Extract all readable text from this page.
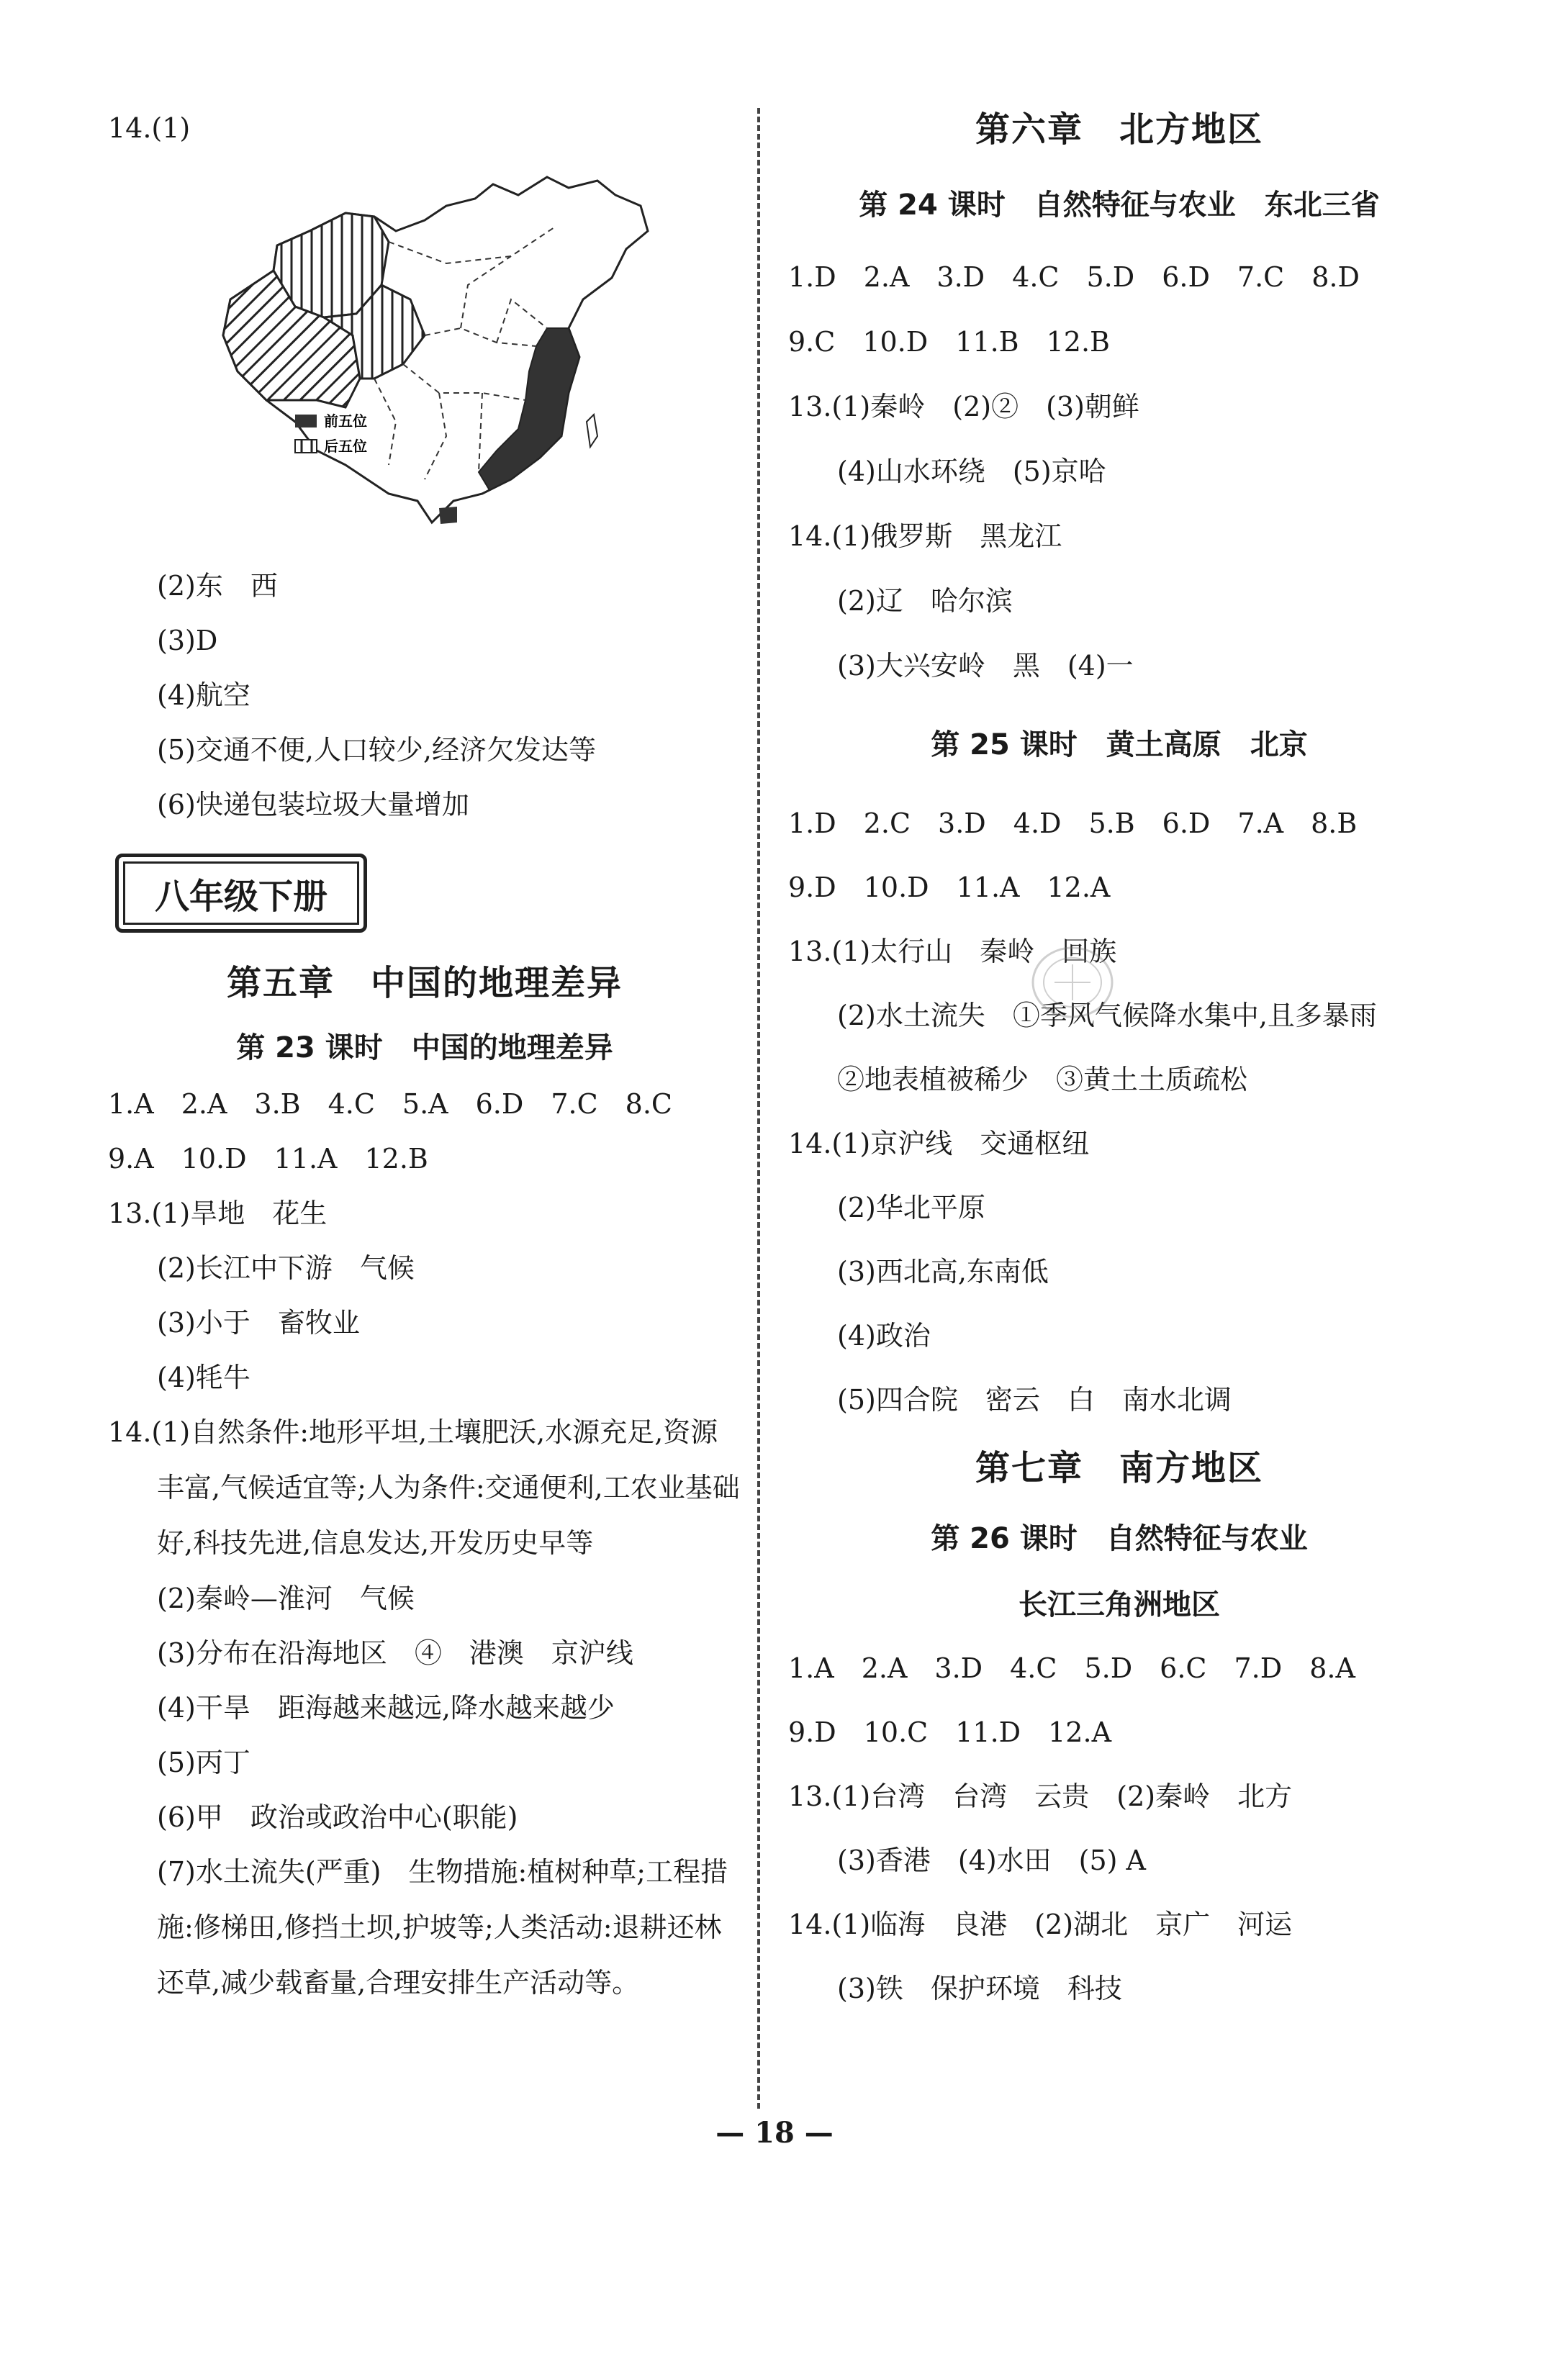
14.(1)
前五位
后五位
(2)东　西
(3)D
(4)航空
(5)交通不便,人口较少,经济欠发达等
(6)快递包装垃圾大量增加
八年级下册
第五章　中国的地理差异
第 23 课时　中国的地理差异
1.A　2.A　3.B　4.C　5.A　6.D　7.C　8.C
9.A　10.D　11.A　12.B
13.(1)旱地　花生
(2)长江中下游　气候
(3)小于　畜牧业
(4)牦牛
14.(1)自然条件:地形平坦,土壤肥沃,水源充足,资源丰富,气候适宜等;人为条件:交通便利,工农业基础好,科技先进,信息发达,开发历史早等
(2)秦岭—淮河　气候
(3)分布在沿海地区　④　港澳　京沪线
(4)干旱　距海越来越远,降水越来越少
(5)丙丁
(6)甲　政治或政治中心(职能)
(7)水土流失(严重)　生物措施:植树种草;工程措施:修梯田,修挡土坝,护坡等;人类活动:退耕还林还草,减少载畜量,合理安排生产活动等。
第六章　北方地区
第 24 课时　自然特征与农业　东北三省
1.D　2.A　3.D　4.C　5.D　6.D　7.C　8.D
9.C　10.D　11.B　12.B
13.(1)秦岭　(2)②　(3)朝鲜
(4)山水环绕　(5)京哈
14.(1)俄罗斯　黑龙江
(2)辽　哈尔滨
(3)大兴安岭　黑　(4)一
第 25 课时　黄土高原　北京
1.D　2.C　3.D　4.D　5.B　6.D　7.A　8.B
9.D　10.D　11.A　12.A
13.(1)太行山　秦岭　回族
(2)水土流失　①季风气候降水集中,且多暴雨
②地表植被稀少　③黄土土质疏松
14.(1)京沪线　交通枢纽
(2)华北平原
(3)西北高,东南低
(4)政治
(5)四合院　密云　白　南水北调
第七章　南方地区
第 26 课时　自然特征与农业
长江三角洲地区
1.A　2.A　3.D　4.C　5.D　6.C　7.D　8.A
9.D　10.C　11.D　12.A
13.(1)台湾　台湾　云贵　(2)秦岭　北方
(3)香港　(4)水田　(5) A
14.(1)临海　良港　(2)湖北　京广　河运
(3)铁　保护环境　科技
— 18 —
